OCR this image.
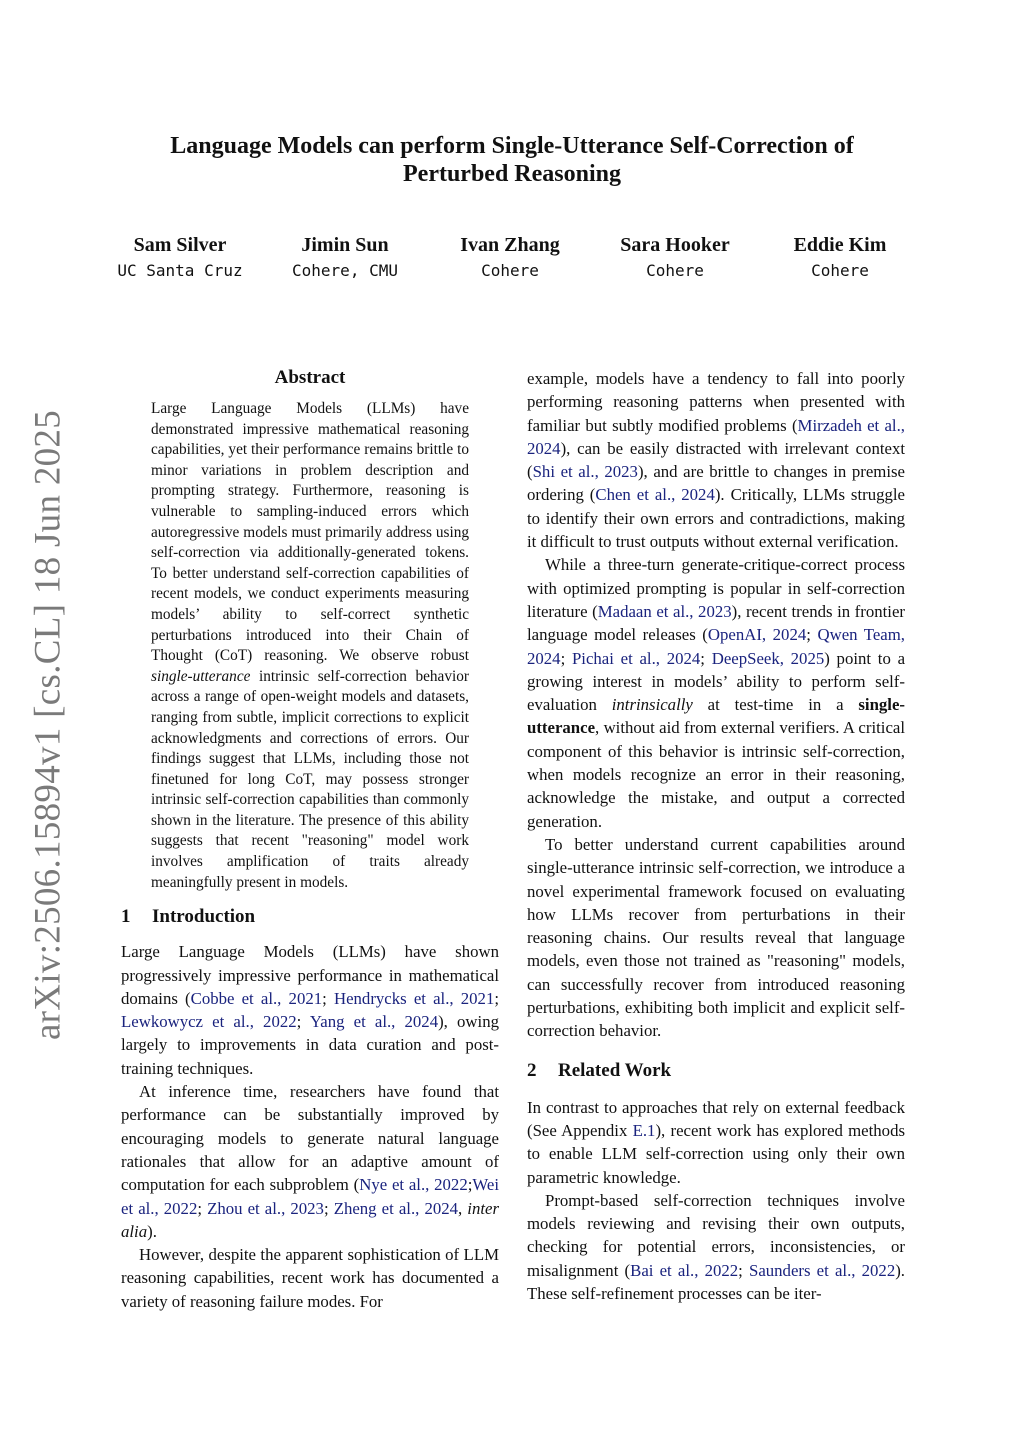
arXiv:2506.15894v1 [cs.CL] 18 Jun 2025
Language Models can perform Single-Utterance Self-Correction of
Perturbed Reasoning
Sam Silver
UC Santa Cruz
Jimin Sun
Cohere, CMU
Ivan Zhang
Cohere
Sara Hooker
Cohere
Eddie Kim
Cohere
Abstract
Large Language Models (LLMs) have demonstrated impressive mathematical reasoning capabilities, yet their performance remains brittle to minor variations in problem description and prompting strategy. Furthermore, reasoning is vulnerable to sampling-induced errors which autoregressive models must primarily address using self-correction via additionally-generated tokens. To better understand self-correction capabilities of recent models, we conduct experiments measuring models’ ability to self-correct synthetic perturbations introduced into their Chain of Thought (CoT) reasoning. We observe robust single-utterance intrinsic self-correction behavior across a range of open-weight models and datasets, ranging from subtle, implicit corrections to explicit acknowledgments and corrections of errors. Our findings suggest that LLMs, including those not finetuned for long CoT, may possess stronger intrinsic self-correction capabilities than commonly shown in the literature. The presence of this ability suggests that recent "reasoning" model work involves amplification of traits already meaningfully present in models.
1 Introduction

Large Language Models (LLMs) have shown progressively impressive performance in mathematical domains (Cobbe et al., 2021; Hendrycks et al., 2021; Lewkowycz et al., 2022; Yang et al., 2024), owing largely to improvements in data curation and post-training techniques.

At inference time, researchers have found that performance can be substantially improved by encouraging models to generate natural language rationales that allow for an adaptive amount of computation for each subproblem (Nye et al., 2022;Wei et al., 2022; Zhou et al., 2023; Zheng et al., 2024, inter alia).

However, despite the apparent sophistication of LLM reasoning capabilities, recent work has documented a variety of reasoning failure modes. For

example, models have a tendency to fall into poorly performing reasoning patterns when presented with familiar but subtly modified problems (Mirzadeh et al., 2024), can be easily distracted with irrelevant context (Shi et al., 2023), and are brittle to changes in premise ordering (Chen et al., 2024). Critically, LLMs struggle to identify their own errors and contradictions, making it difficult to trust outputs without external verification.

While a three-turn generate-critique-correct process with optimized prompting is popular in self-correction literature (Madaan et al., 2023), recent trends in frontier language model releases (OpenAI, 2024; Qwen Team, 2024; Pichai et al., 2024; DeepSeek, 2025) point to a growing interest in models’ ability to perform self-evaluation intrinsically at test-time in a single-utterance, without aid from external verifiers. A critical component of this behavior is intrinsic self-correction, when models recognize an error in their reasoning, acknowledge the mistake, and output a corrected generation.

To better understand current capabilities around single-utterance intrinsic self-correction, we introduce a novel experimental framework focused on evaluating how LLMs recover from perturbations in their reasoning chains. Our results reveal that language models, even those not trained as "reasoning" models, can successfully recover from introduced reasoning perturbations, exhibiting both implicit and explicit self-correction behavior.

2 Related Work

In contrast to approaches that rely on external feedback (See Appendix E.1), recent work has explored methods to enable LLM self-correction using only their own parametric knowledge.

Prompt-based self-correction techniques involve models reviewing and revising their own outputs, checking for potential errors, inconsistencies, or misalignment (Bai et al., 2022; Saunders et al., 2022). These self-refinement processes can be iter-
